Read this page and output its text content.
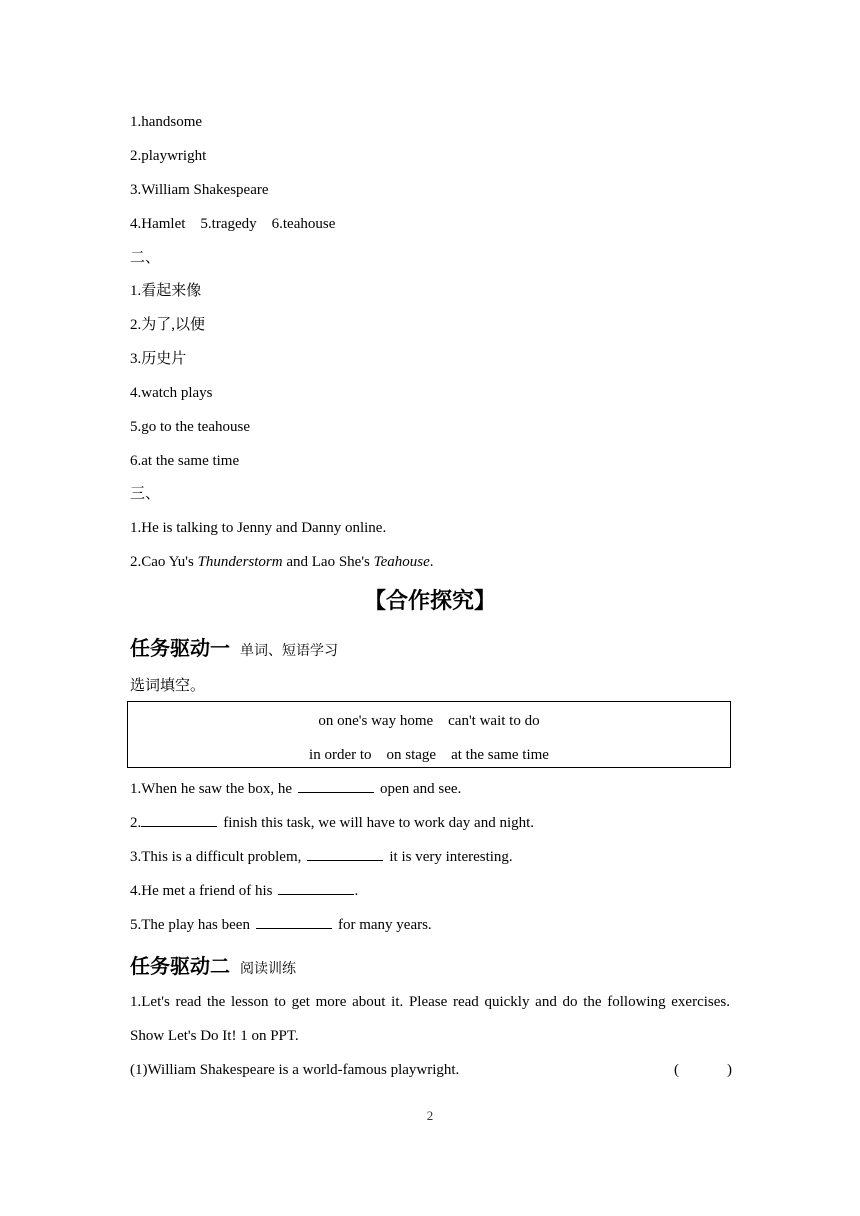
1.handsome
2.playwright
3.William Shakespeare
4.Hamlet    5.tragedy    6.teahouse
二、
1.看起来像
2.为了,以便
3.历史片
4.watch plays
5.go to the teahouse
6.at the same time
三、
1.He is talking to Jenny and Danny online.
2.Cao Yu's Thunderstorm and Lao She's Teahouse.
【合作探究】
任务驱动一 单词、短语学习
选词填空。
on one's way home    can't wait to do
in order to    on stage    at the same time
1.When he saw the box, he	open and see.
2.	finish this task, we will have to work day and night.
3.This is a difficult problem,	it is very interesting.
4.He met a friend of his	.
5.The play has been	for many years.
任务驱动二 阅读训练
1.Let's read the lesson to get more about it. Please read quickly and do the following exercises.
Show Let's Do It! 1 on PPT.
(1)William Shakespeare is a world-famous playwright.	(	)
2
